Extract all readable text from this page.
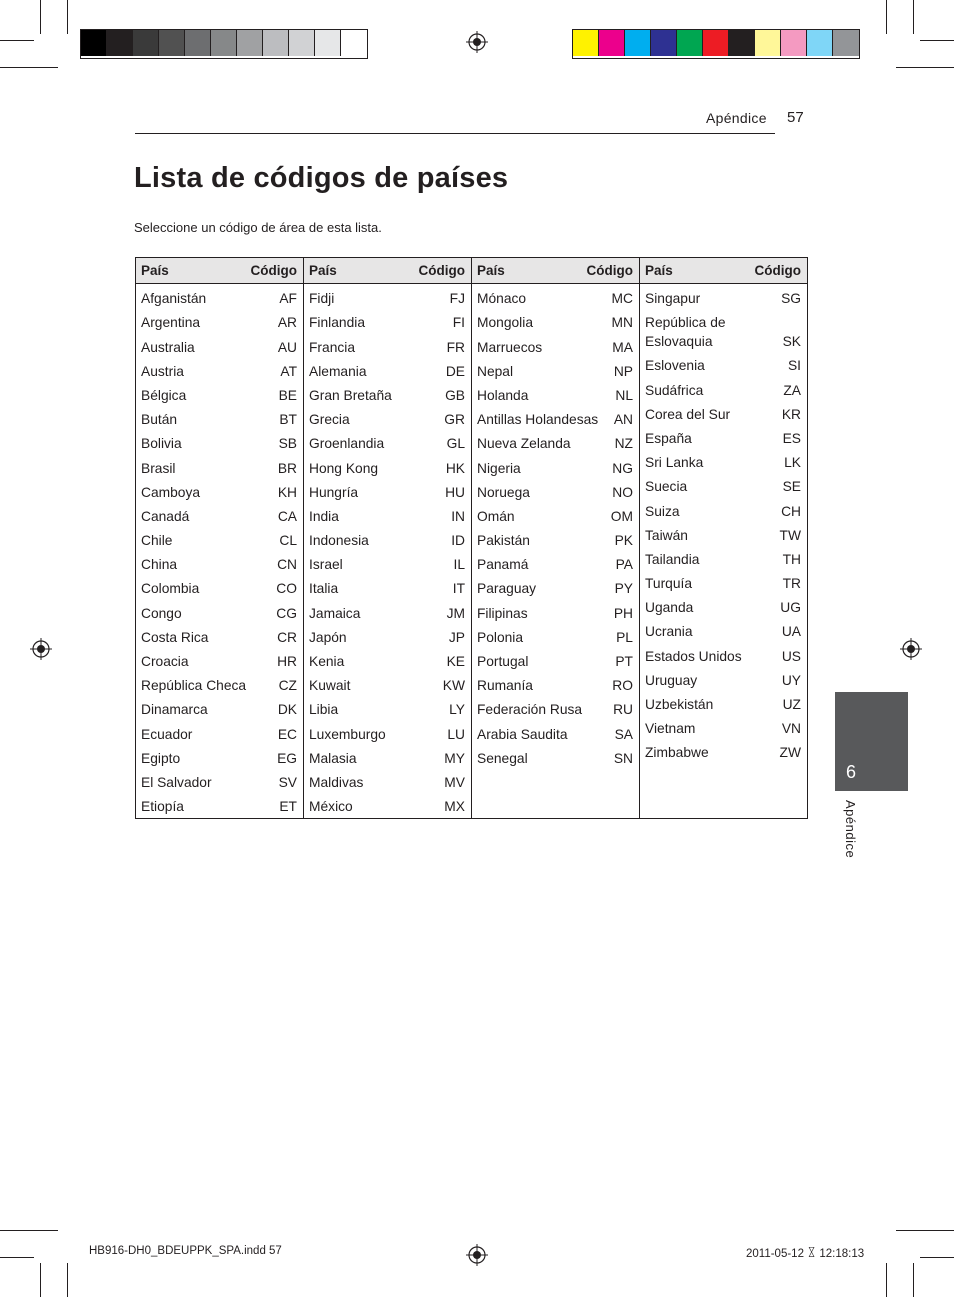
Apéndice 57
Lista de códigos de países
Seleccione un código de área de esta lista.
País	Código
Afganistán	AF
Argentina	AR
Australia	AU
Austria	AT
Bélgica	BE
Bután	BT
Bolivia	SB
Brasil	BR
Camboya	KH
Canadá	CA
Chile	CL
China	CN
Colombia	CO
Congo	CG
Costa Rica	CR
Croacia	HR
República Checa CZ
Dinamarca	DK
Ecuador	EC
Egipto	EG
El Salvador	SV
Etiopía	ET
País	Código
Fidji	FJ
Finlandia	FI
Francia	FR
Alemania	DE
Gran Bretaña	GB
Grecia	GR
Groenlandia	GL
Hong Kong	HK
Hungría	HU
India	IN
Indonesia	ID
Israel	IL
Italia	IT
Jamaica	JM
Japón	JP
Kenia	KE
Kuwait	KW
Libia	LY
Luxemburgo	LU
Malasia	MY
Maldivas	MV
México	MX
País	Código
Mónaco	MC
Mongolia	MN
Marruecos	MA
Nepal	NP
Holanda	NL
Antillas Holandesas AN
Nueva Zelanda	NZ
Nigeria	NG
Noruega	NO
Omán	OM
Pakistán	PK
Panamá	PA
Paraguay	PY
Filipinas	PH
Polonia	PL
Portugal	PT
Rumanía	RO
Federación Rusa RU
Arabia Saudita	SA
Senegal	SN
País	Código
Singapur	SG
República de Eslovaquia	SK
Eslovenia	SI
Sudáfrica	ZA
Corea del Sur	KR
España	ES
Sri Lanka	LK
Suecia	SE
Suiza	CH
Taiwán	TW
Tailandia	TH
Turquía	TR
Uganda	UG
Ucrania	UA
Estados Unidos	US
Uruguay	UY
Uzbekistán	UZ
Vietnam	VN
Zimbabwe	ZW
6
Apéndice
HB916-DH0_BDEUPPK_SPA.indd 57	2011-05-12 ꊱ 12:18:13
